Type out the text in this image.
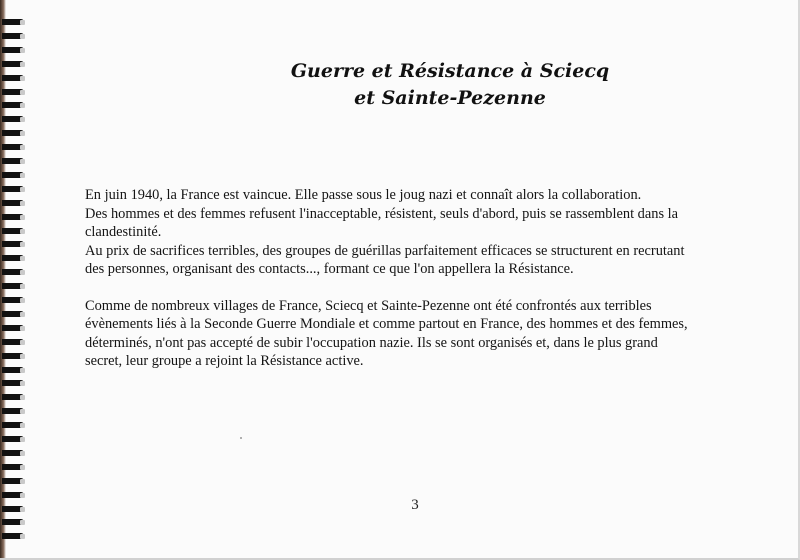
Guerre et Résistance à Sciecq
et Sainte-Pezenne

En juin 1940, la France est vaincue. Elle passe sous le joug nazi et connaît alors la collaboration.

Des hommes et des femmes refusent l'inacceptable, résistent, seuls d'abord, puis se rassemblent dans la

clandestinité.

Au prix de sacrifices terribles, des groupes de guérillas parfaitement efficaces se structurent en recrutant

des personnes, organisant des contacts..., formant ce que l'on appellera la Résistance.

Comme de nombreux villages de France, Sciecq et Sainte-Pezenne ont été confrontés aux terribles

évènements liés à la Seconde Guerre Mondiale et comme partout en France, des hommes et des femmes,

déterminés, n'ont pas accepté de subir l'occupation nazie. Ils se sont organisés et, dans le plus grand

secret, leur groupe a rejoint la Résistance active.

3
